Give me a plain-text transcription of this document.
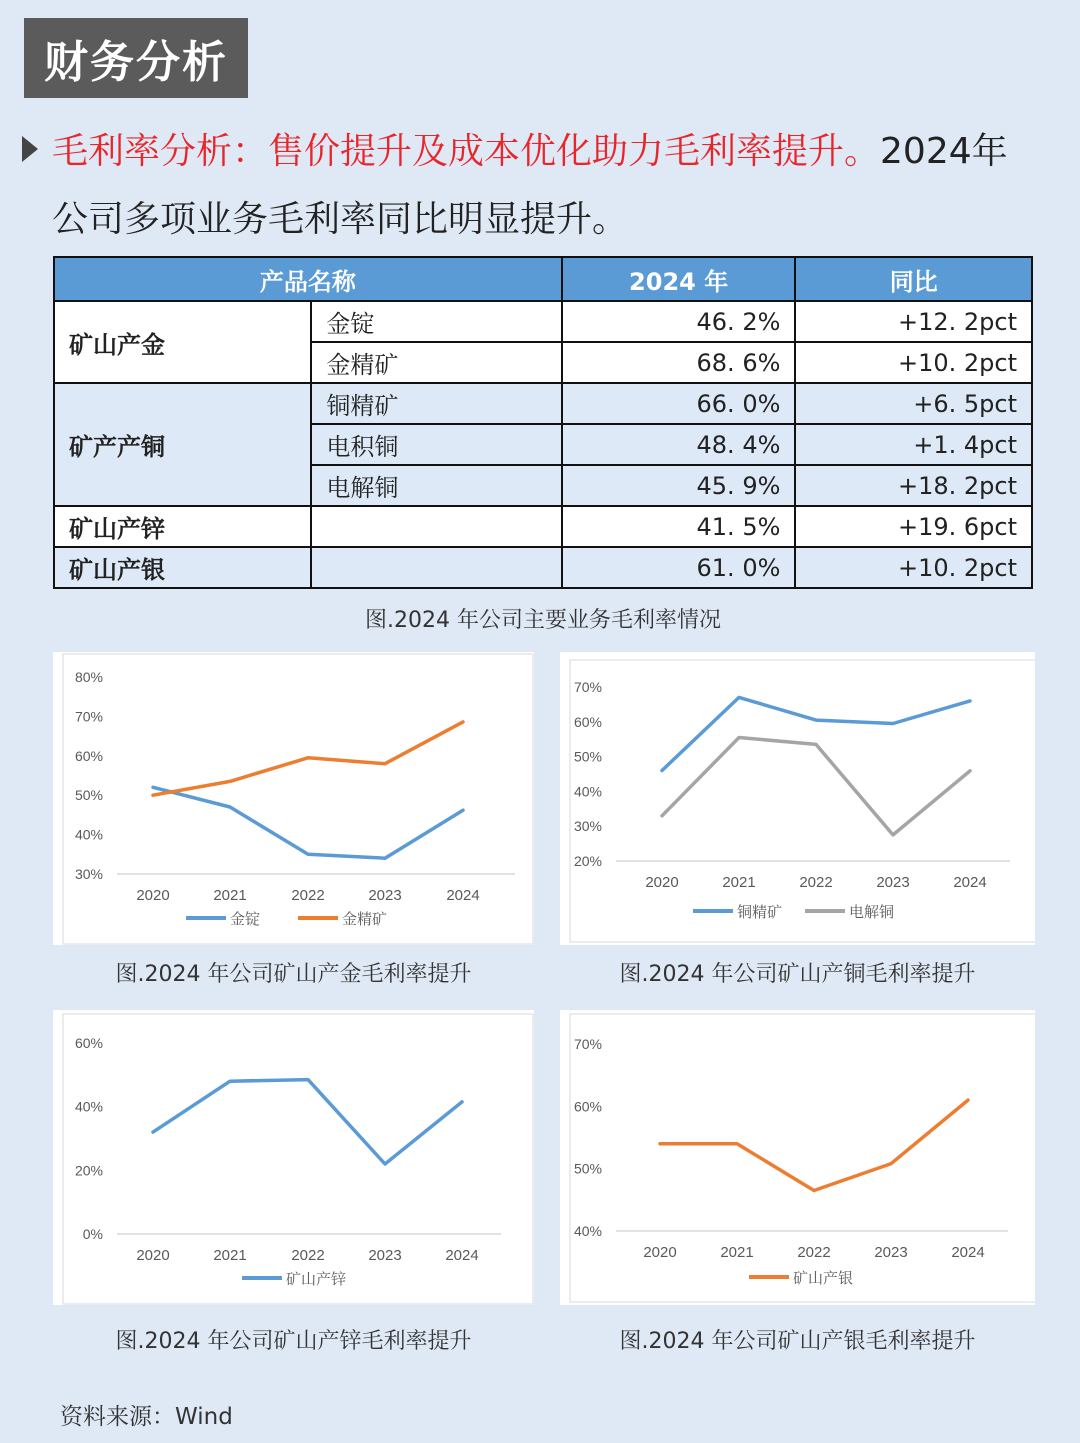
财务分析
毛利率分析：售价提升及成本优化助力毛利率提升。2024年公司多项业务毛利率同比明显提升。
产品名称		2024 年	同比
矿山产金	金锭	46. 2%	+12. 2pct
	金精矿	68. 6%	+10. 2pct
矿产产铜	铜精矿	66. 0%	+6. 5pct
	电积铜	48. 4%	+1. 4pct
	电解铜	45. 9%	+18. 2pct
矿山产锌		41. 5%	+19. 6pct
矿山产银		61. 0%	+10. 2pct
图.2024 年公司主要业务毛利率情况
30%
40%
50%
60%
70%
80%
2020	2021	2022	2023	2024
金锭	金精矿
20%
30%
40%
50%
60%
70%
2020	2021	2022	2023	2024
铜精矿	电解铜
图.2024 年公司矿山产金毛利率提升	图.2024 年公司矿山产铜毛利率提升
0%
20%
40%
60%
2020	2021	2022	2023	2024
矿山产锌
40%
50%
60%
70%
2020	2021	2022	2023	2024
矿山产银
图.2024 年公司矿山产锌毛利率提升	图.2024 年公司矿山产银毛利率提升
资料来源：Wind
